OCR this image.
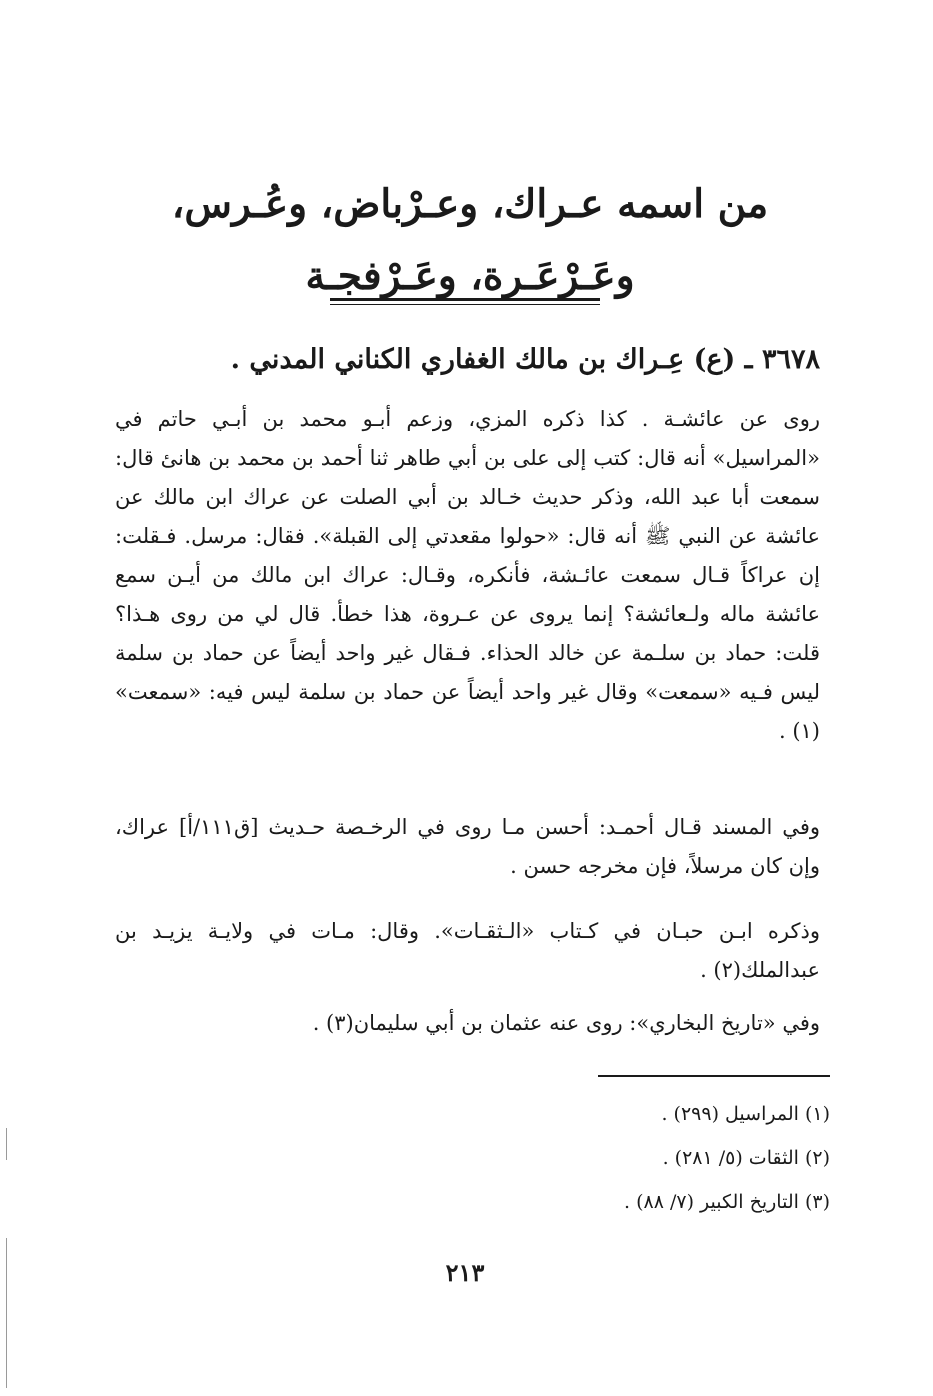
من اسمه عـراك، وعـرْباض، وعُـرس،
وعَـرْعَـرة، وعَـرْفجـة
٣٦٧٨ ـ (ع) عِـراك بن مالك الغفاري الكناني المدني .

روى عن عائشـة . كذا ذكره المزي، وزعم أبـو محمد بن أبـي حاتم في «المراسيل» أنه قال: كتب إلى على بن أبي طاهر ثنا أحمد بن محمد بن هانئ قال: سمعت أبا عبد الله، وذكر حديث خـالد بن أبي الصلت عن عراك ابن مالك عن عائشة عن النبي ﷺ أنه قال: «حولوا مقعدتي إلى القبلة». فقال: مرسل. فـقلت: إن عراكاً قـال سمعت عائـشة، فأنكره، وقـال: عراك ابن مالك من أيـن سمع عائشة ماله ولـعائشة؟ إنما يروى عن عـروة، هذا خطأ. قال لي من روى هـذا؟ قلت: حماد بن سلـمة عن خالد الحذاء. فـقال غير واحد أيضاً عن حماد بن سلمة ليس فـيه «سمعت» وقال غير واحد أيضاً عن حماد بن سلمة ليس فيه: «سمعت» (١) .

وفي المسند قـال أحمـد: أحسن مـا روى في الرخـصة حـديث [ق١١١/أ] عراك، وإن كان مرسلاً، فإن مخرجه حسن .

وذكره ابـن حبـان في كـتاب «الـثقـات». وقال: مـات في ولايـة يزيـد بن عبدالملك(٢) .

وفي «تاريخ البخاري»: روى عنه عثمان بن أبي سليمان(٣) .

(١) المراسيل (٢٩٩) .
(٢) الثقات (٥/ ٢٨١) .
(٣) التاريخ الكبير (٧/ ٨٨) .
٢١٣
